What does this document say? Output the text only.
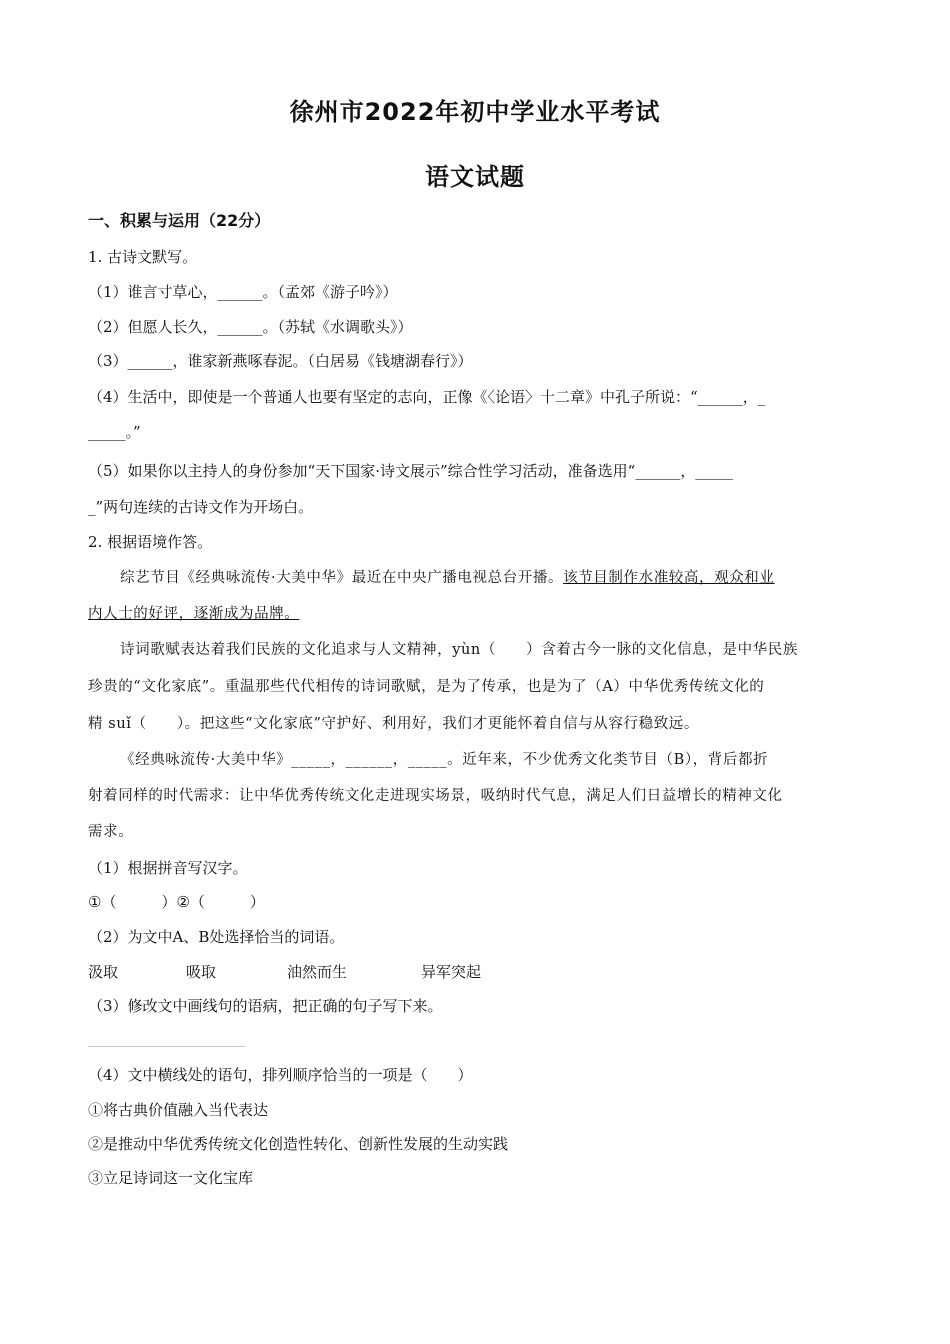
徐州市2022年初中学业水平考试
语文试题
一、积累与运用（22分）
1. 古诗文默写。
（1）谁言寸草心，______。（孟郊《游子吟》）
（2）但愿人长久，______。（苏轼《水调歌头》）
（3）______，谁家新燕啄春泥。（白居易《钱塘湖春行》）
（4）生活中，即使是一个普通人也要有坚定的志向，正像《〈论语〉十二章》中孔子所说：“______，_
_____。”
（5）如果你以主持人的身份参加“天下国家·诗文展示”综合性学习活动，准备选用“______，_____
_”两句连续的古诗文作为开场白。
2. 根据语境作答。
综艺节目《经典咏流传·大美中华》最近在中央广播电视总台开播。该节目制作水准较高，观众和业
内人士的好评，逐渐成为品牌。
诗词歌赋表达着我们民族的文化追求与人文精神，yùn（　　）含着古今一脉的文化信息，是中华民族
珍贵的“文化家底”。重温那些代代相传的诗词歌赋，是为了传承，也是为了（A）中华优秀传统文化的
精 suǐ（　　）。把这些“文化家底”守护好、利用好，我们才更能怀着自信与从容行稳致远。
《经典咏流传·大美中华》_____，______，_____。近年来，不少优秀文化类节目（B），背后都折
射着同样的时代需求：让中华优秀传统文化走进现实场景，吸纳时代气息，满足人们日益增长的精神文化
需求。
（1）根据拼音写汉字。
①（　　　）②（　　　）
（2）为文中A、B处选择恰当的词语。
汲取	吸取	油然而生	异军突起
（3）修改文中画线句的语病，把正确的句子写下来。
（4）文中横线处的语句，排列顺序恰当的一项是（　　）
①将古典价值融入当代表达
②是推动中华优秀传统文化创造性转化、创新性发展的生动实践
③立足诗词这一文化宝库
